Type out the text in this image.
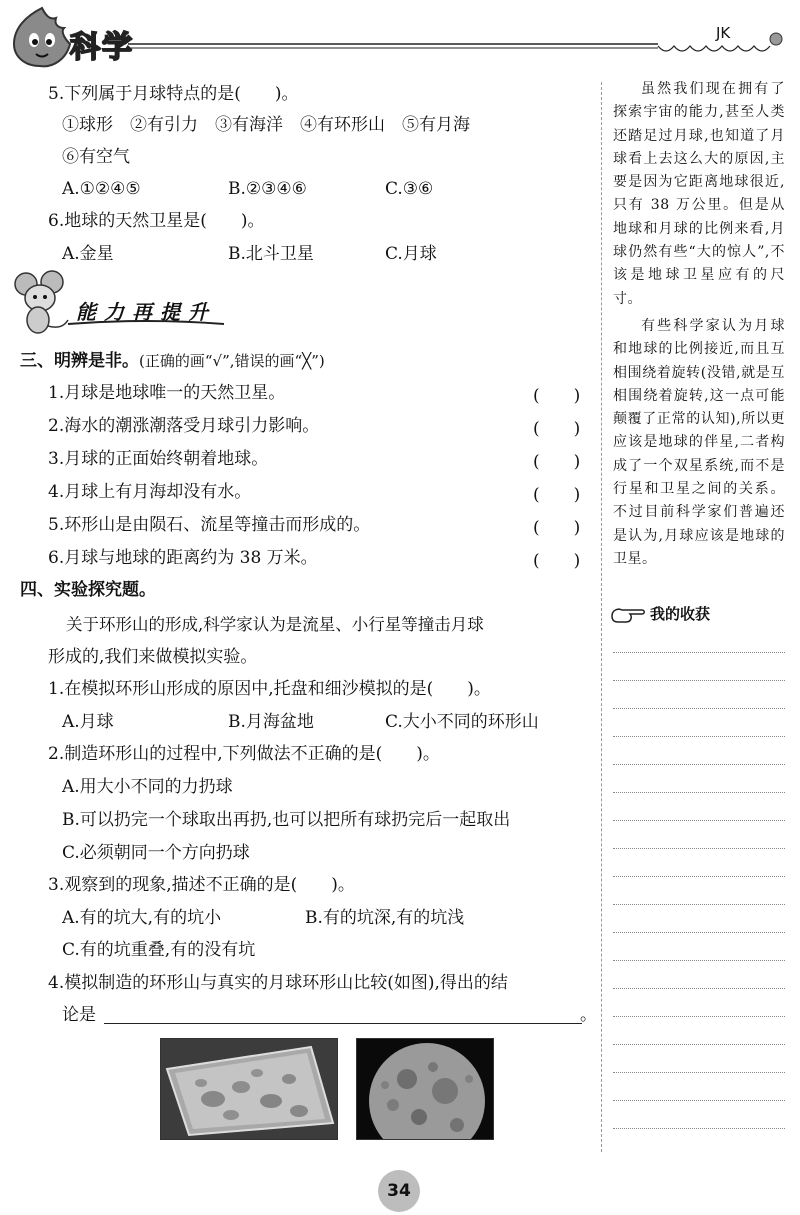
科学	JK
5.下列属于月球特点的是(　　)。
①球形　②有引力　③有海洋　④有环形山　⑤有月海
⑥有空气
A.①②④⑤	B.②③④⑥	C.③⑥
6.地球的天然卫星是(　　)。
A.金星	B.北斗卫星	C.月球
能力再提升
三、明辨是非。(正确的画“√”,错误的画“╳”)
1.月球是地球唯一的天然卫星。	(　　)
2.海水的潮涨潮落受月球引力影响。	(　　)
3.月球的正面始终朝着地球。	(　　)
4.月球上有月海却没有水。	(　　)
5.环形山是由陨石、流星等撞击而形成的。	(　　)
6.月球与地球的距离约为 38 万米。	(　　)
四、实验探究题。
关于环形山的形成,科学家认为是流星、小行星等撞击月球
形成的,我们来做模拟实验。
1.在模拟环形山形成的原因中,托盘和细沙模拟的是(　　)。
A.月球	B.月海盆地	C.大小不同的环形山
2.制造环形山的过程中,下列做法不正确的是(　　)。
A.用大小不同的力扔球
B.可以扔完一个球取出再扔,也可以把所有球扔完后一起取出
C.必须朝同一个方向扔球
3.观察到的现象,描述不正确的是(　　)。
A.有的坑大,有的坑小	B.有的坑深,有的坑浅
C.有的坑重叠,有的没有坑
4.模拟制造的环形山与真实的月球环形山比较(如图),得出的结
论是	。
虽然我们现在拥有了探索宇宙的能力,甚至人类还踏足过月球,也知道了月球看上去这么大的原因,主要是因为它距离地球很近,只有 38 万公里。但是从地球和月球的比例来看,月球仍然有些“大的惊人”,不该是地球卫星应有的尺寸。
有些科学家认为月球和地球的比例接近,而且互相围绕着旋转(没错,就是互相围绕着旋转,这一点可能颠覆了正常的认知),所以更应该是地球的伴星,二者构成了一个双星系统,而不是行星和卫星之间的关系。不过目前科学家们普遍还是认为,月球应该是地球的卫星。
我的收获
34
